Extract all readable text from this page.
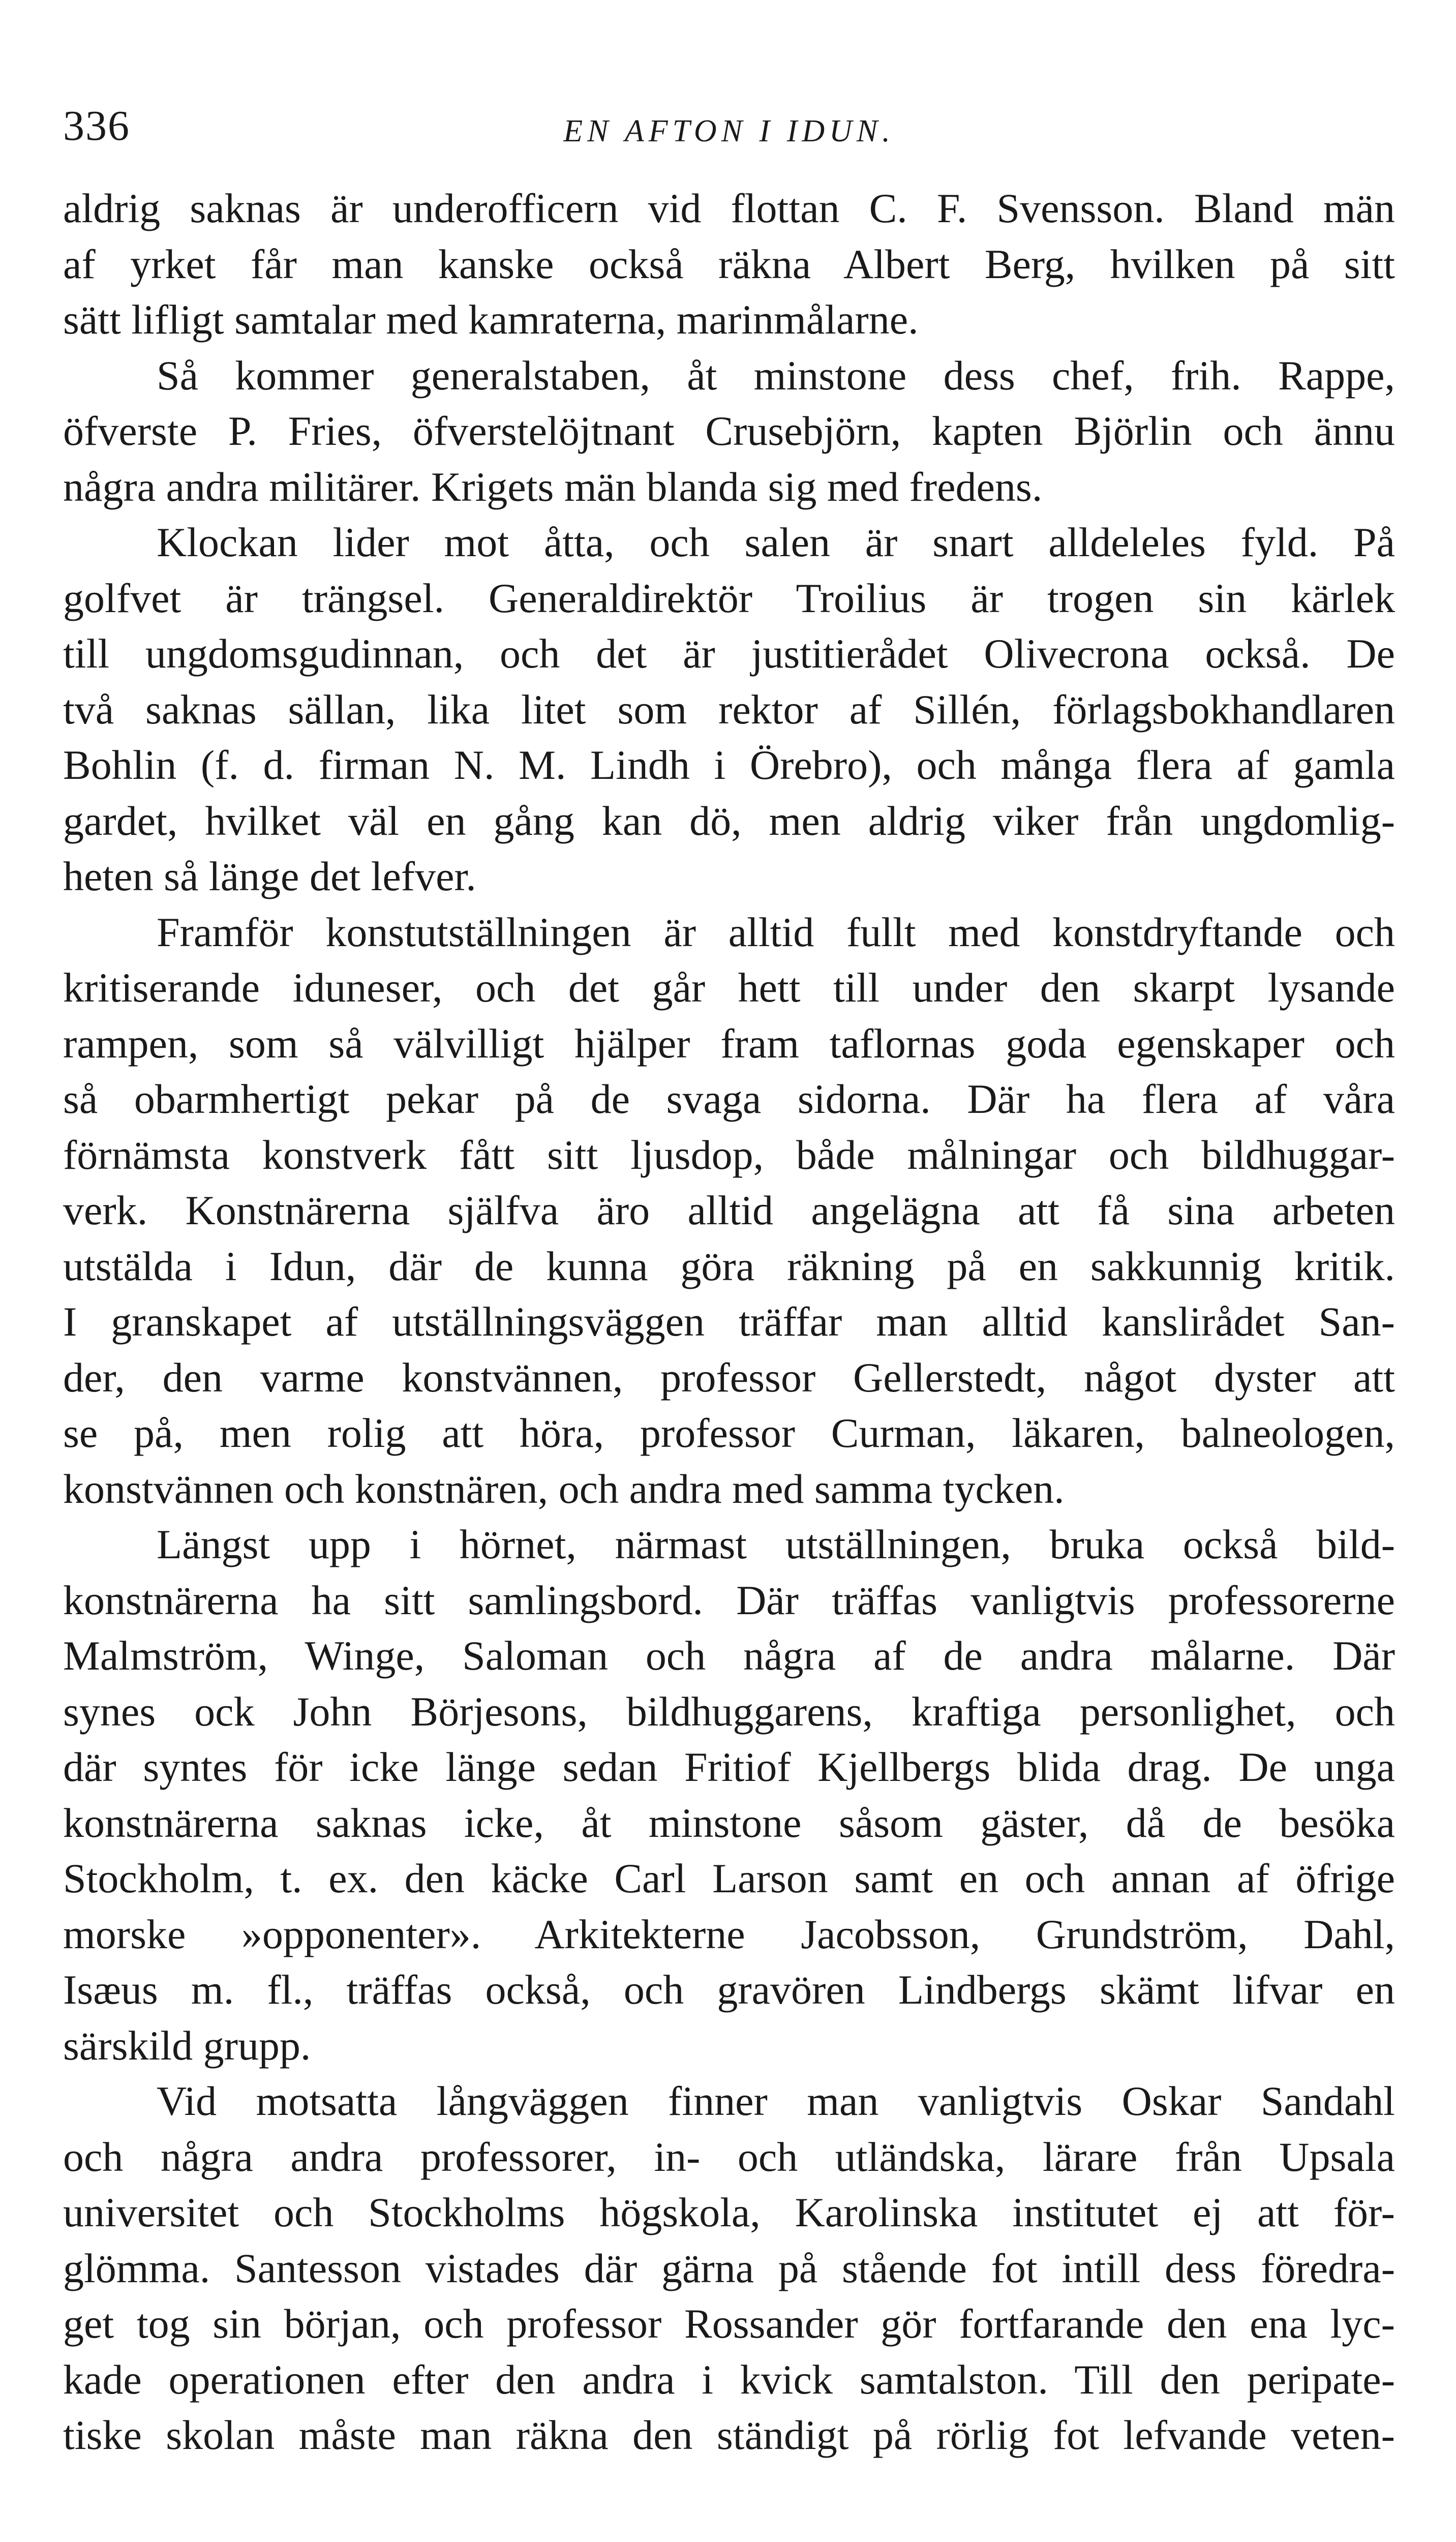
336	EN AFTON I IDUN.
aldrig saknas är underofficern vid flottan C. F. Svensson. Bland män
af yrket får man kanske också räkna Albert Berg, hvilken på sitt
sätt lifligt samtalar med kamraterna, marinmålarne.
Så kommer generalstaben, åt minstone dess chef, frih. Rappe,
öfverste P. Fries, öfverstelöjtnant Crusebjörn, kapten Björlin och ännu
några andra militärer. Krigets män blanda sig med fredens.
Klockan lider mot åtta, och salen är snart alldeleles fyld. På
golfvet är trängsel. Generaldirektör Troilius är trogen sin kärlek
till ungdomsgudinnan, och det är justitierådet Olivecrona också. De
två saknas sällan, lika litet som rektor af Sillén, förlagsbokhandlaren
Bohlin (f. d. firman N. M. Lindh i Örebro), och många flera af gamla
gardet, hvilket väl en gång kan dö, men aldrig viker från ungdomlig-
heten så länge det lefver.
Framför konstutställningen är alltid fullt med konstdryftande och
kritiserande iduneser, och det går hett till under den skarpt lysande
rampen, som så välvilligt hjälper fram taflornas goda egenskaper och
så obarmhertigt pekar på de svaga sidorna. Där ha flera af våra
förnämsta konstverk fått sitt ljusdop, både målningar och bildhuggar-
verk. Konstnärerna själfva äro alltid angelägna att få sina arbeten
utstälda i Idun, där de kunna göra räkning på en sakkunnig kritik.
I granskapet af utställningsväggen träffar man alltid kanslirådet San-
der, den varme konstvännen, professor Gellerstedt, något dyster att
se på, men rolig att höra, professor Curman, läkaren, balneologen,
konstvännen och konstnären, och andra med samma tycken.
Längst upp i hörnet, närmast utställningen, bruka också bild-
konstnärerna ha sitt samlingsbord. Där träffas vanligtvis professorerne
Malmström, Winge, Saloman och några af de andra målarne. Där
synes ock John Börjesons, bildhuggarens, kraftiga personlighet, och
där syntes för icke länge sedan Fritiof Kjellbergs blida drag. De unga
konstnärerna saknas icke, åt minstone såsom gäster, då de besöka
Stockholm, t. ex. den käcke Carl Larson samt en och annan af öfrige
morske »opponenter». Arkitekterne Jacobsson, Grundström, Dahl,
Isæus m. fl., träffas också, och gravören Lindbergs skämt lifvar en
särskild grupp.
Vid motsatta långväggen finner man vanligtvis Oskar Sandahl
och några andra professorer, in- och utländska, lärare från Upsala
universitet och Stockholms högskola, Karolinska institutet ej att för-
glömma. Santesson vistades där gärna på stående fot intill dess föredra-
get tog sin början, och professor Rossander gör fortfarande den ena lyc-
kade operationen efter den andra i kvick samtalston. Till den peripate-
tiske skolan måste man räkna den ständigt på rörlig fot lefvande veten-
